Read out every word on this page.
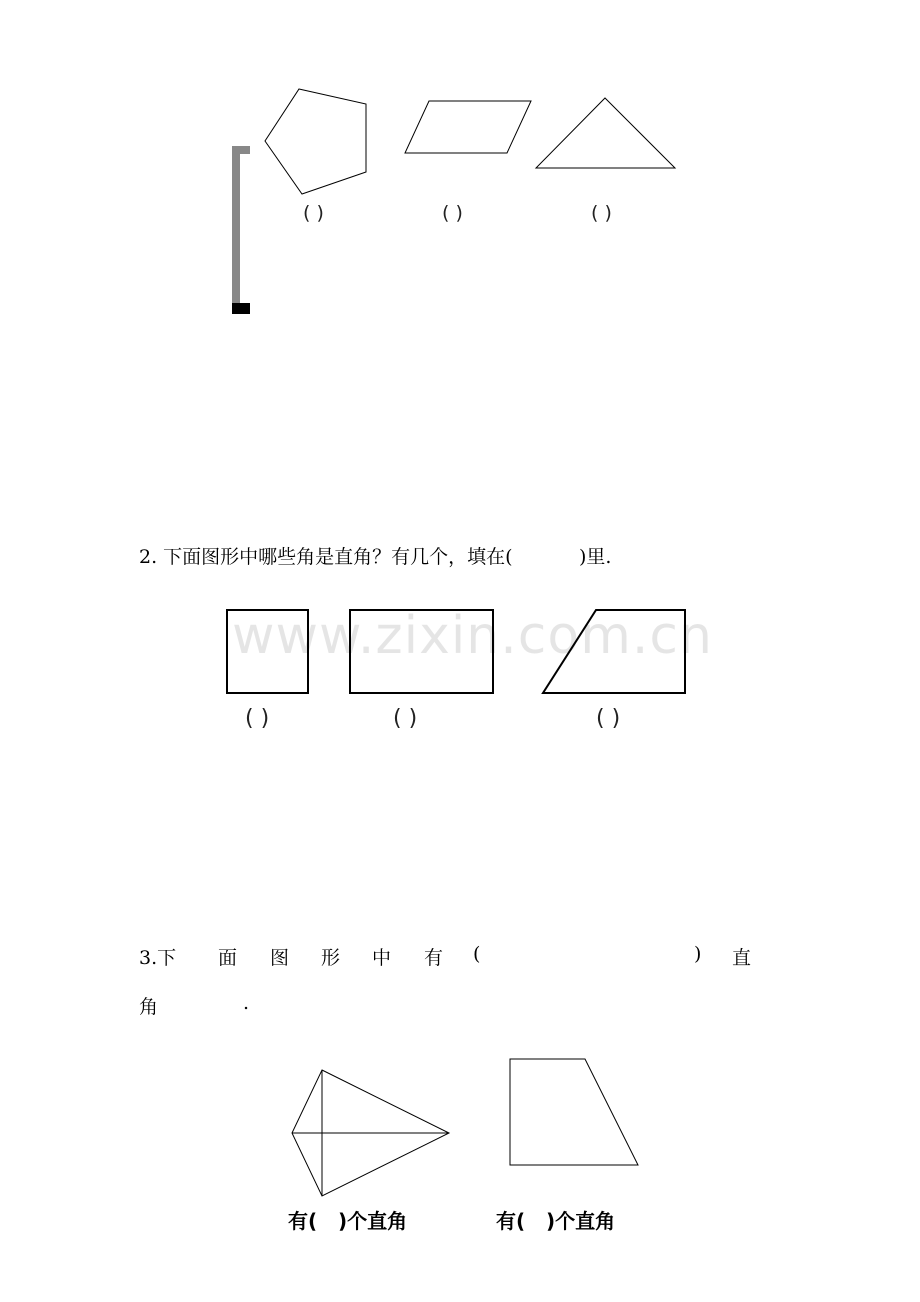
( )	( )	( )
2. 下面图形中哪些角是直角？有几个，填在(           )里.
www.zixin.com.cn
( )	( )	( )
3.下 面 图 形 中 有 (	) 直
角	.
有(   )个直角	有(   )个直角
